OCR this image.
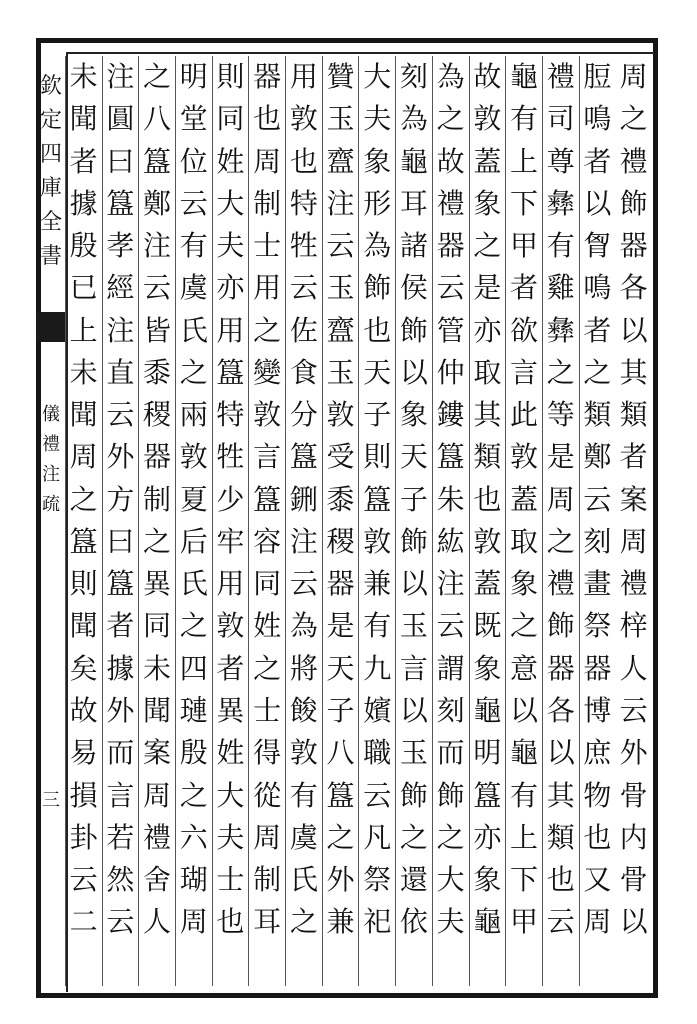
欽定四庫全書
儀禮注疏
三
周
之
禮
飾
器
各
以
其
類
者
案
周
禮
梓
人
云
外
骨
内
骨
以
脰
鳴
者
以
胷
鳴
者
之
類
鄭
云
刻
畫
祭
器
博
庶
物
也
又
周
禮
司
尊
彝
有
雞
彝
之
等
是
周
之
禮
飾
器
各
以
其
類
也
云
龜
有
上
下
甲
者
欲
言
此
敦
蓋
取
象
之
意
以
龜
有
上
下
甲
故
敦
蓋
象
之
是
亦
取
其
類
也
敦
蓋
既
象
龜
明
簋
亦
象
龜
為
之
故
禮
器
云
管
仲
鏤
簋
朱
紘
注
云
謂
刻
而
飾
之
大
夫
刻
為
龜
耳
諸
侯
飾
以
象
天
子
飾
以
玉
言
以
玉
飾
之
還
依
大
夫
象
形
為
飾
也
天
子
則
簋
敦
兼
有
九
嬪
職
云
凡
祭
祀
贊
玉
齍
注
云
玉
齍
玉
敦
受
黍
稷
器
是
天
子
八
簋
之
外
兼
用
敦
也
特
牲
云
佐
食
分
簋
鉶
注
云
為
將
餕
敦
有
虞
氏
之
器
也
周
制
士
用
之
變
敦
言
簋
容
同
姓
之
士
得
從
周
制
耳
則
同
姓
大
夫
亦
用
簋
特
牲
少
牢
用
敦
者
異
姓
大
夫
士
也
明
堂
位
云
有
虞
氏
之
兩
敦
夏
后
氏
之
四
璉
殷
之
六
瑚
周
之
八
簋
鄭
注
云
皆
黍
稷
器
制
之
異
同
未
聞
案
周
禮
舍
人
注
圓
曰
簋
孝
經
注
直
云
外
方
曰
簋
者
據
外
而
言
若
然
云
未
聞
者
據
殷
已
上
未
聞
周
之
簋
則
聞
矣
故
易
損
卦
云
二
